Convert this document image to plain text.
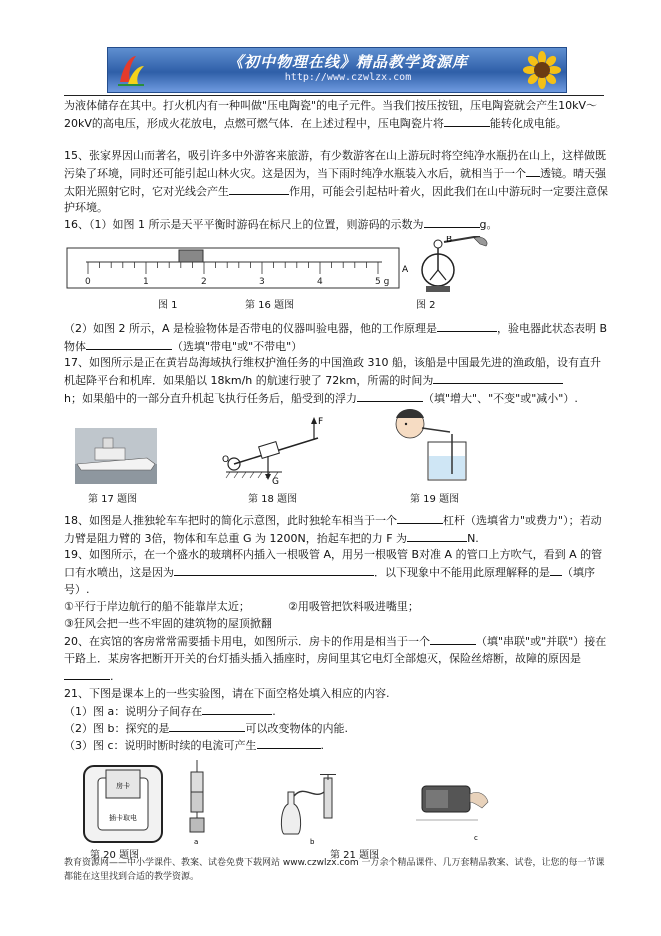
《初中物理在线》精品教学资源库
http://www.czwlzx.com

为液体储存在其中。打火机内有一种叫做"压电陶瓷"的电子元件。当我们按压按钮，压电陶瓷就会产生10kV～20kV的高电压，形成火花放电，点燃可燃气体．在上述过程中，压电陶瓷片将	能转化成电能。

15、张家界因山而著名，吸引许多中外游客来旅游，有少数游客在山上游玩时将空纯净水瓶扔在山上，这样做既污染了环境，同时还可能引起山林火灾。这是因为，当下雨时纯净水瓶装入水后，就相当于一个 透镜。晴天强太阳光照射它时，它对光线会产生	作用，可能会引起枯叶着火，因此我们在山中游玩时一定要注意保护环境。

16、（1）如图 1 所示是天平平衡时游码在标尺上的位置，则游码的示数为	g。

0	1	2	3	4	5 g
图 1	第 16 题图
A
B
图 2

（2）如图 2 所示，A 是检验物体是否带电的仪器叫验电器，他的工作原理是	，验电器此状态表明 B 物体	（选填"带电"或"不带电"）

17、如图所示是正在黄岩岛海域执行维权护渔任务的中国渔政 310 船，该船是中国最先进的渔政船，设有直升机起降平台和机库．如果船以 18km/h 的航速行驶了 72km，所需的时间为
h；如果船中的一部分直升机起飞执行任务后，船受到的浮力	（填"增大"、"不变"或"减小"）.

第 17 题图
O
F
G
第 18 题图	第 19 题图

18、如图是人推独轮车车把时的简化示意图，此时独轮车相当于一个	杠杆（选填省力"或费力"）；若动力臂是阻力臂的 3倍，物体和车总重 G 为 1200N，抬起车把的力 F 为	N.

19、如图所示，在一个盛水的玻璃杯内插入一根吸管 A，用另一根吸管 B对准 A 的管口上方吹气，看到 A 的管口有水喷出，这是因为	．以下现象中不能用此原理解释的是 （填序号）.

①平行于岸边航行的船不能靠岸太近；	②用吸管把饮料吸进嘴里；
③狂风会把一些不牢固的建筑物的屋顶掀翻

20、在宾馆的客房常常需要插卡用电，如图所示．房卡的作用是相当于一个	（填"串联"或"并联"）接在干路上．某房客把断开开关的台灯插头插入插座时，房间里其它电灯全部熄灭，保险丝熔断，故障的原因是.

21、下图是课本上的一些实验图，请在下面空格处填入相应的内容.

（1）图 a：说明分子间存在	.

（2）图 b：探究的是	可以改变物体的内能.

（3）图 c：说明时断时续的电流可产生	.

房卡
插卡取电
第 20 题图
a	b
第 21 题图
c
教育资源网——中小学课件、教案、试卷免费下载网站 www.czwlzx.com 一万余个精品课件、几万套精品教案、试卷，让您的每一节课都能在这里找到合适的教学资源。
